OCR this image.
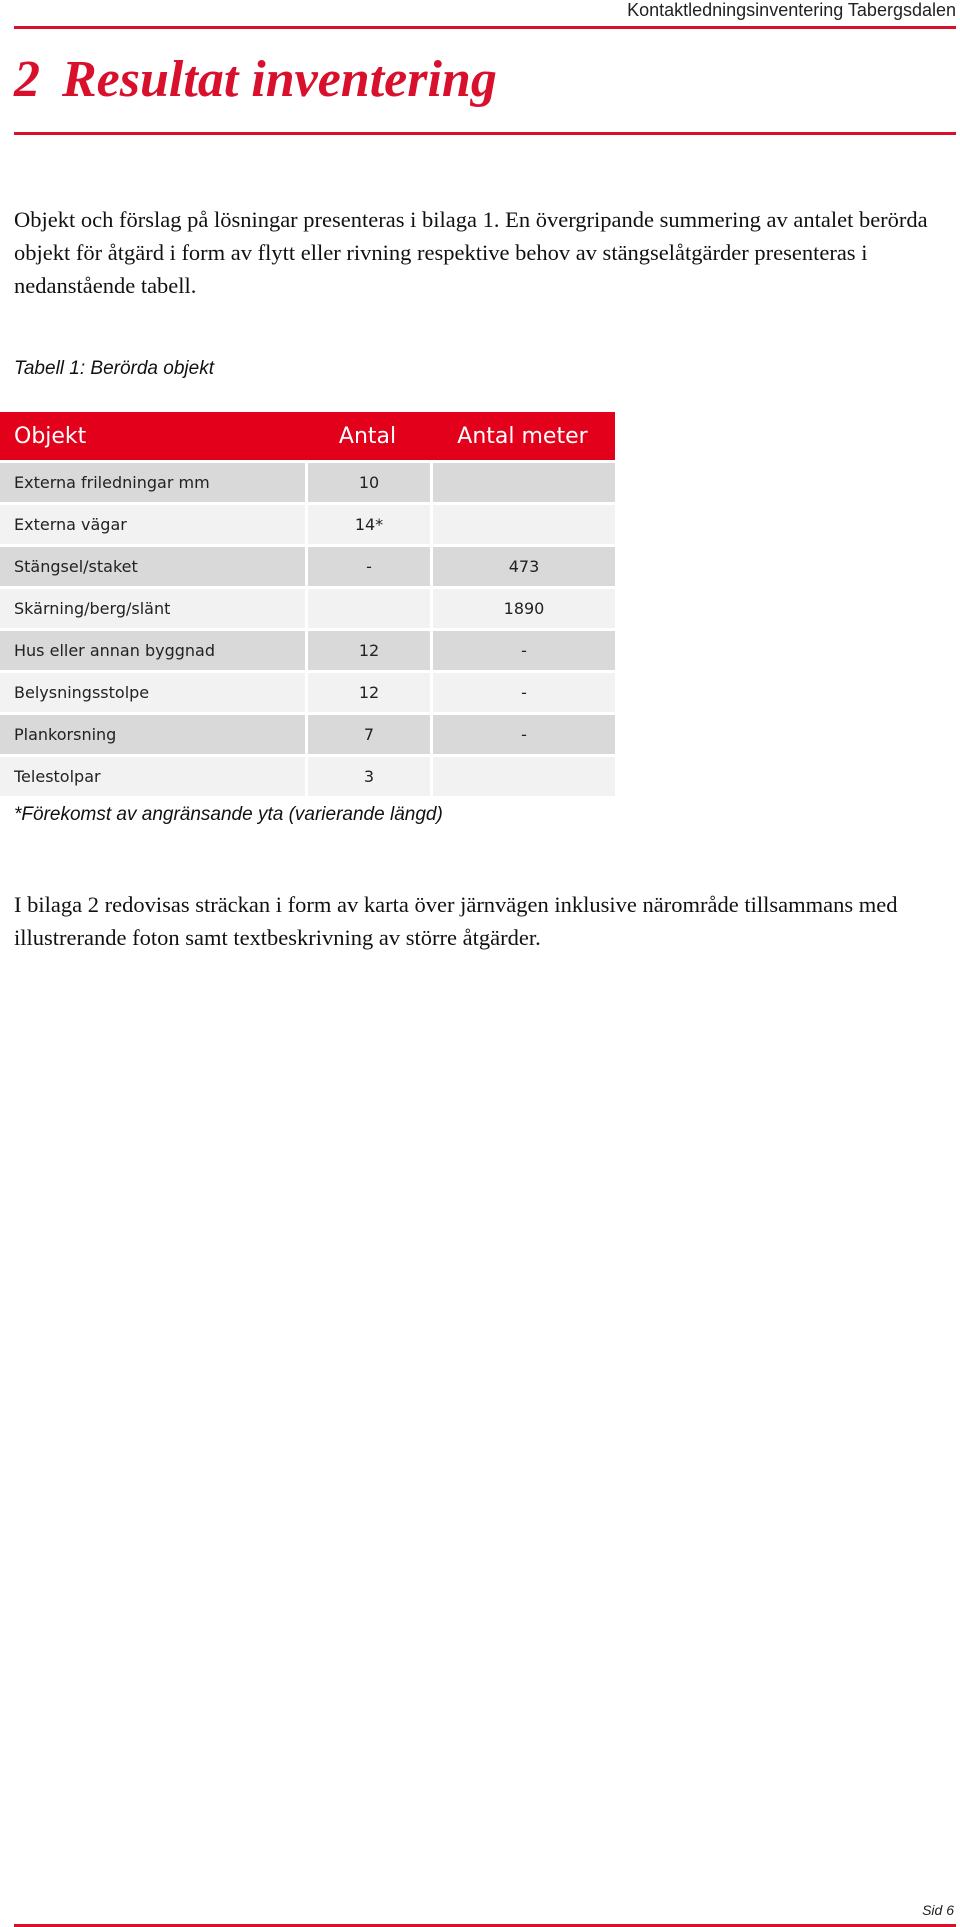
Kontaktledningsinventering Tabergsdalen
2 Resultat inventering

Objekt och förslag på lösningar presenteras i bilaga 1. En övergripande summering av antalet berörda objekt för åtgärd i form av flytt eller rivning respektive behov av stängselåtgärder presenteras i nedanstående tabell.

Tabell 1: Berörda objekt
Objekt	Antal	Antal meter
Externa friledningar mm	10	
Externa vägar	14*	
Stängsel/staket	-	473
Skärning/berg/slänt		1890
Hus eller annan byggnad	12	-
Belysningsstolpe	12	-
Plankorsning	7	-
Telestolpar	3	
*Förekomst av angränsande yta (varierande längd)

I bilaga 2 redovisas sträckan i form av karta över järnvägen inklusive närområde tillsammans med illustrerande foton samt textbeskrivning av större åtgärder.

Sid 6
